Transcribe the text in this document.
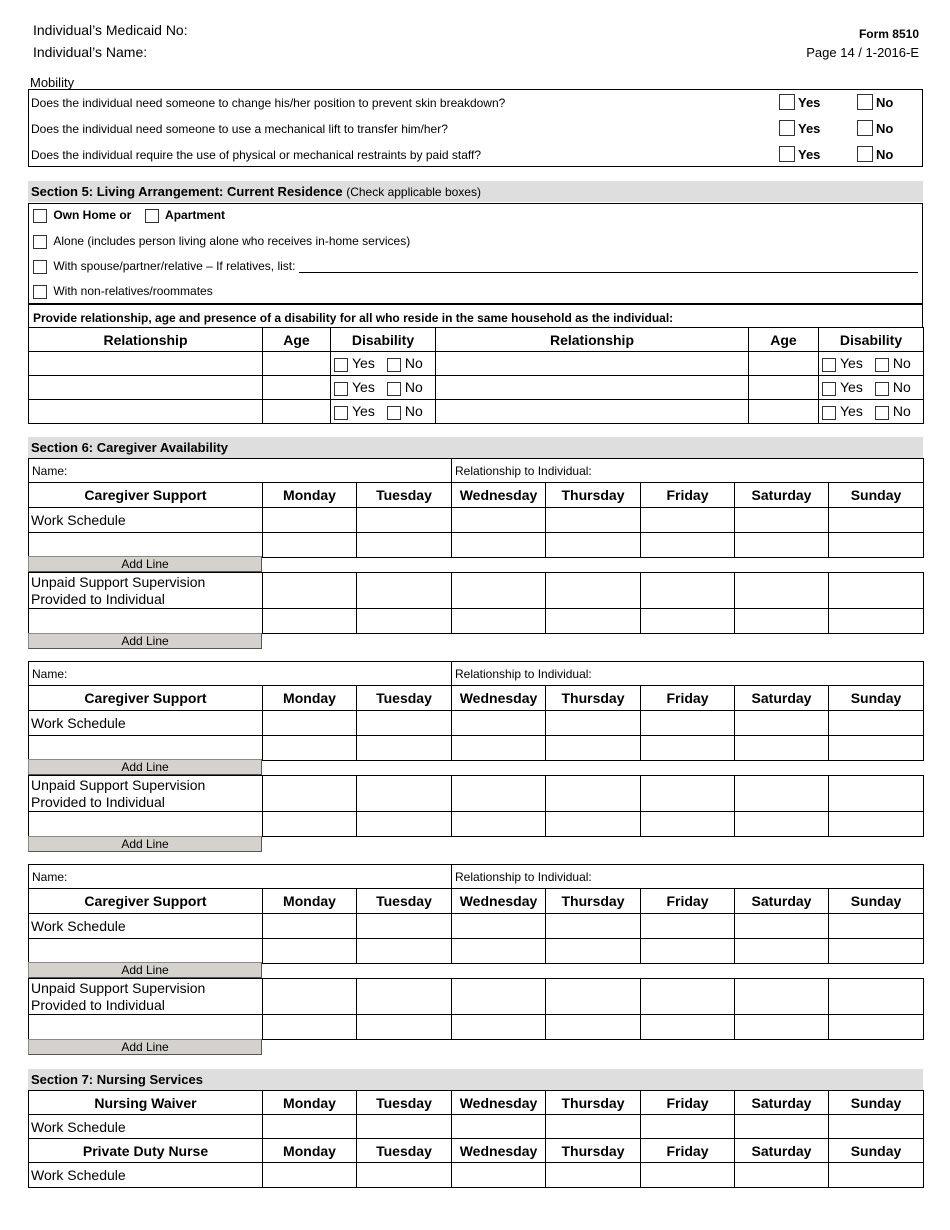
Individual’s Medicaid No:
Individual’s Name:
Form 8510
Page 14 / 1-2016-E
Mobility
Does the individual need someone to change his/her position to prevent skin breakdown?	Yes	No
Does the individual need someone to use a mechanical lift to transfer him/her?	Yes	No
Does the individual require the use of physical or mechanical restraints by paid staff?	Yes	No
Section 5: Living Arrangement: Current Residence (Check applicable boxes)
Own Home or	Apartment
Alone (includes person living alone who receives in-home services)
With spouse/partner/relative – If relatives, list:
With non-relatives/roommates
Provide relationship, age and presence of a disability for all who reside in the same household as the individual:
Relationship	Age	Disability	Relationship	Age	Disability
		Yes No			Yes No
		Yes No			Yes No
		Yes No			Yes No
Section 6: Caregiver Availability
Name:	Relationship to Individual:
Caregiver Support	Monday	Tuesday	Wednesday	Thursday	Friday	Saturday	Sunday
Work Schedule							

Add Line
Unpaid Support Supervision
Provided to Individual							

Add Line
Name:	Relationship to Individual:
Caregiver Support	Monday	Tuesday	Wednesday	Thursday	Friday	Saturday	Sunday
Work Schedule							

Add Line
Unpaid Support Supervision
Provided to Individual							

Add Line
Name:	Relationship to Individual:
Caregiver Support	Monday	Tuesday	Wednesday	Thursday	Friday	Saturday	Sunday
Work Schedule							

Add Line
Unpaid Support Supervision
Provided to Individual							

Add Line
Section 7: Nursing Services
Nursing Waiver	Monday	Tuesday	Wednesday	Thursday	Friday	Saturday	Sunday
Work Schedule							
Private Duty Nurse	Monday	Tuesday	Wednesday	Thursday	Friday	Saturday	Sunday
Work Schedule							
